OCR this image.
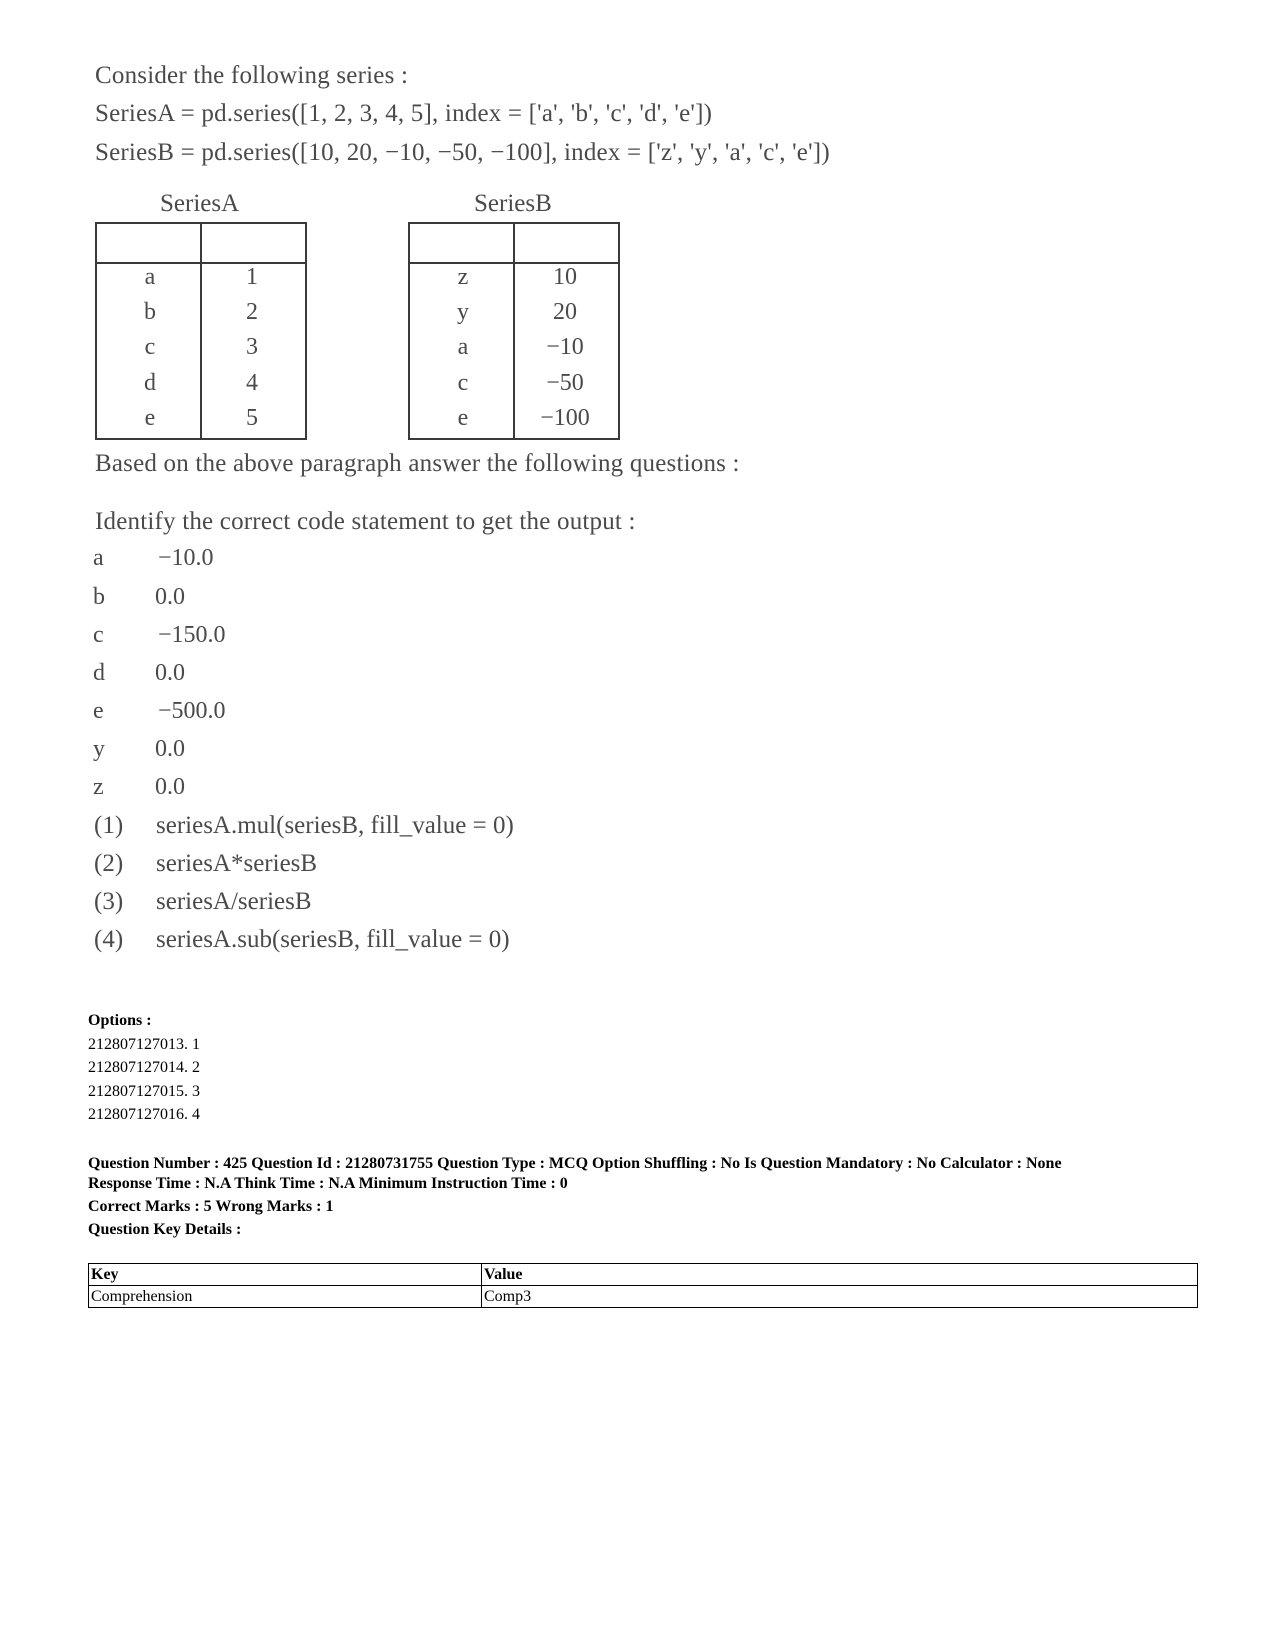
Consider the following series :
SeriesA = pd.series([1, 2, 3, 4, 5], index = ['a', 'b', 'c', 'd', 'e'])
SeriesB = pd.series([10, 20, −10, −50, −100], index = ['z', 'y', 'a', 'c', 'e'])
SeriesA	SeriesB
a	1
b	2
c	3
d	4
e	5
z	10
y	20
a	−10
c	−50
e	−100
Based on the above paragraph answer the following questions :
Identify the correct code statement to get the output :
a −10.0
b 0.0
c −150.0
d 0.0
e −500.0
y 0.0
z 0.0
(1) seriesA.mul(seriesB, fill_value = 0)
(2) seriesA*seriesB
(3) seriesA/seriesB
(4) seriesA.sub(seriesB, fill_value = 0)
Options :
212807127013. 1
212807127014. 2
212807127015. 3
212807127016. 4
Question Number : 425 Question Id : 21280731755 Question Type : MCQ Option Shuffling : No Is Question Mandatory : No Calculator : None
Response Time : N.A Think Time : N.A Minimum Instruction Time : 0
Correct Marks : 5 Wrong Marks : 1
Question Key Details :
Key	Value
Comprehension	Comp3
